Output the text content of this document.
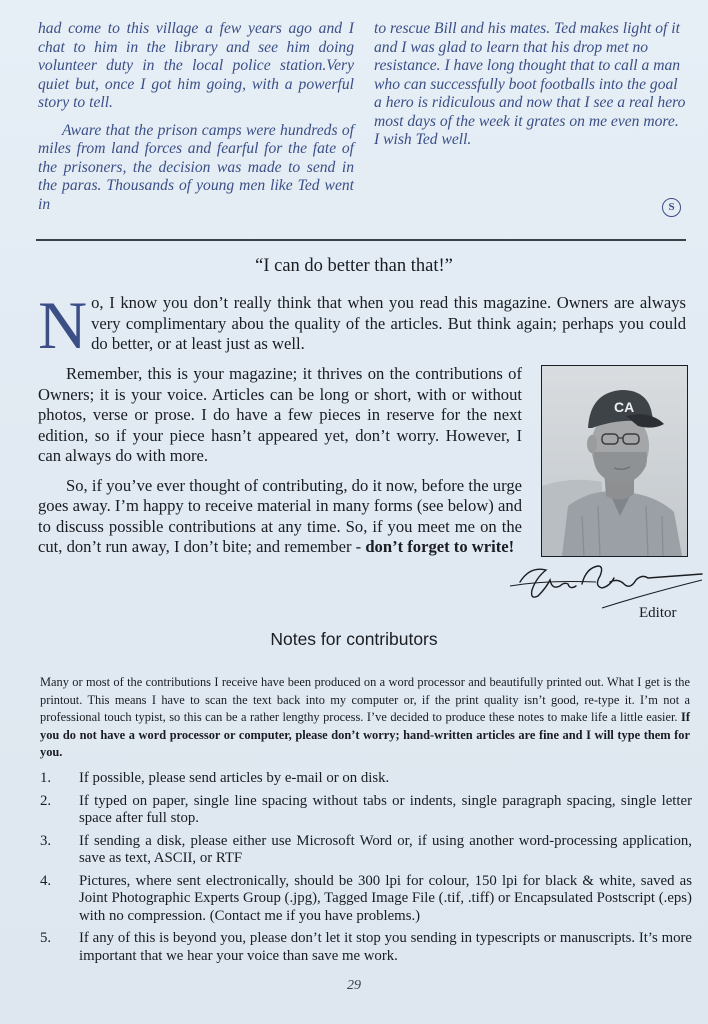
had come to this village a few years ago and I chat to him in the library and see him doing volunteer duty in the local police station.Very quiet but, once I got him going, with a powerful story to tell.

Aware that the prison camps were hundreds of miles from land forces and fearful for the fate of the prisoners, the decision was made to send in the paras. Thousands of young men like Ted went in

to rescue Bill and his mates. Ted makes light of it and I was glad to learn that his drop met no resistance. I have long thought that to call a man who can successfully boot footballs into the goal a hero is ridiculous and now that I see a real hero most days of the week it grates on me even more. I wish Ted well.

S
“I can do better than that!”
N o, I know you don’t really think that when you read this magazine. Owners are always very complimentary abou the quality of the articles. But think again; perhaps you could do better, or at least just as well.

Remember, this is your magazine; it thrives on the contributions of Owners; it is your voice. Articles can be long or short, with or without photos, verse or prose. I do have a few pieces in reserve for the next edition, so if your piece hasn’t appeared yet, don’t worry. However, I can always do with more.

So, if you’ve ever thought of contributing, do it now, before the urge goes away. I’m happy to receive material in many forms (see below) and to discuss possible contributions at any time. So, if you meet me on the cut, don’t run away, I don’t bite; and remember - don’t forget to write!

CA
Editor
Notes for contributors
Many or most of the contributions I receive have been produced on a word processor and beautifully printed out. What I get is the printout. This means I have to scan the text back into my computer or, if the print quality isn’t good, re-type it. I’m not a professional touch typist, so this can be a rather lengthy process. I’ve decided to produce these notes to make life a little easier. If you do not have a word processor or computer, please don’t worry; hand-written articles are fine and I will type them for you.
1. If possible, please send articles by e-mail or on disk.
2. If typed on paper, single line spacing without tabs or indents, single paragraph spacing, single letter space after full stop.
3. If sending a disk, please either use Microsoft Word or, if using another word-processing application, save as text, ASCII, or RTF
4. Pictures, where sent electronically, should be 300 lpi for colour, 150 lpi for black & white, saved as Joint Photographic Experts Group (.jpg), Tagged Image File (.tif, .tiff) or Encapsulated Postscript (.eps) with no compression. (Contact me if you have problems.)
5. If any of this is beyond you, please don’t let it stop you sending in typescripts or manuscripts. It’s more important that we hear your voice than save me work.
29
